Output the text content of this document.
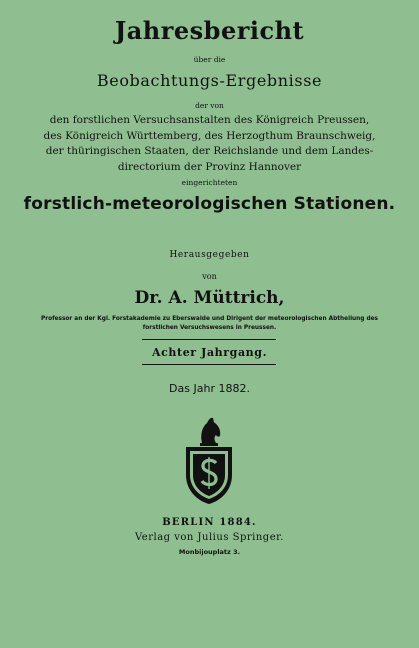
Jahresbericht
über die
Beobachtungs-Ergebnisse
der von
den forstlichen Versuchsanstalten des Königreich Preussen,
des Königreich Württemberg, des Herzogthum Braunschweig,
der thüringischen Staaten, der Reichslande und dem Landes-
directorium der Provinz Hannover
eingerichteten
forstlich-meteorologischen Stationen.
Herausgegeben
von
Dr. A. Müttrich,
Professor an der Kgl. Forstakademie zu Eberswalde und Dirigent der meteorologischen Abtheilung des
forstlichen Versuchswesens in Preussen.
Achter Jahrgang.
Das Jahr 1882.
BERLIN 1884.
Verlag von Julius Springer.
Monbijouplatz 3.
